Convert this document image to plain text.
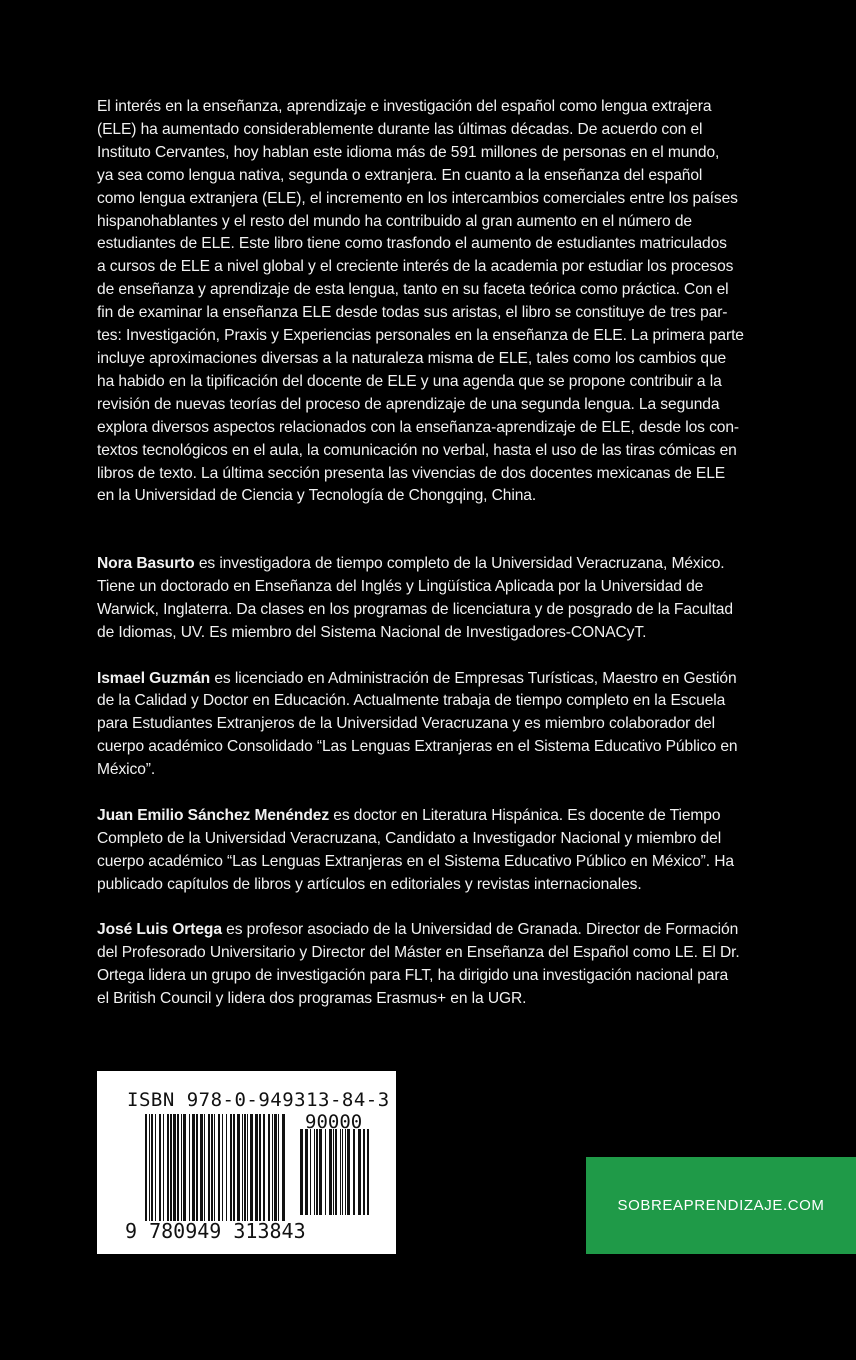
El interés en la enseñanza, aprendizaje e investigación del español como lengua extrajera
(ELE) ha aumentado considerablemente durante las últimas décadas. De acuerdo con el
Instituto Cervantes, hoy hablan este idioma más de 591 millones de personas en el mundo,
ya sea como lengua nativa, segunda o extranjera. En cuanto a la enseñanza del español
como lengua extranjera (ELE), el incremento en los intercambios comerciales entre los países
hispanohablantes y el resto del mundo ha contribuido al gran aumento en el número de
estudiantes de ELE. Este libro tiene como trasfondo el aumento de estudiantes matriculados
a cursos de ELE a nivel global y el creciente interés de la academia por estudiar los procesos
de enseñanza y aprendizaje de esta lengua, tanto en su faceta teórica como práctica. Con el
fin de examinar la enseñanza ELE desde todas sus aristas, el libro se constituye de tres par-
tes: Investigación, Praxis y Experiencias personales en la enseñanza de ELE. La primera parte
incluye aproximaciones diversas a la naturaleza misma de ELE, tales como los cambios que
ha habido en la tipificación del docente de ELE y una agenda que se propone contribuir a la
revisión de nuevas teorías del proceso de aprendizaje de una segunda lengua. La segunda
explora diversos aspectos relacionados con la enseñanza-aprendizaje de ELE, desde los con-
textos tecnológicos en el aula, la comunicación no verbal, hasta el uso de las tiras cómicas en
libros de texto. La última sección presenta las vivencias de dos docentes mexicanas de ELE
en la Universidad de Ciencia y Tecnología de Chongqing, China.
Nora Basurto es investigadora de tiempo completo de la Universidad Veracruzana, México.
Tiene un doctorado en Enseñanza del Inglés y Lingüística Aplicada por la Universidad de
Warwick, Inglaterra. Da clases en los programas de licenciatura y de posgrado de la Facultad
de Idiomas, UV. Es miembro del Sistema Nacional de Investigadores-CONACyT.
Ismael Guzmán es licenciado en Administración de Empresas Turísticas, Maestro en Gestión
de la Calidad y Doctor en Educación. Actualmente trabaja de tiempo completo en la Escuela
para Estudiantes Extranjeros de la Universidad Veracruzana y es miembro colaborador del
cuerpo académico Consolidado “Las Lenguas Extranjeras en el Sistema Educativo Público en
México”.
Juan Emilio Sánchez Menéndez es doctor en Literatura Hispánica. Es docente de Tiempo
Completo de la Universidad Veracruzana, Candidato a Investigador Nacional y miembro del
cuerpo académico “Las Lenguas Extranjeras en el Sistema Educativo Público en México”. Ha
publicado capítulos de libros y artículos en editoriales y revistas internacionales.
José Luis Ortega es profesor asociado de la Universidad de Granada. Director de Formación
del Profesorado Universitario y Director del Máster en Enseñanza del Español como LE. El Dr.
Ortega lidera un grupo de investigación para FLT, ha dirigido una investigación nacional para
el British Council y lidera dos programas Erasmus+ en la UGR.
ISBN 978-0-949313-84-3
90000
9 780949 313843
SOBREAPRENDIZAJE.COM
